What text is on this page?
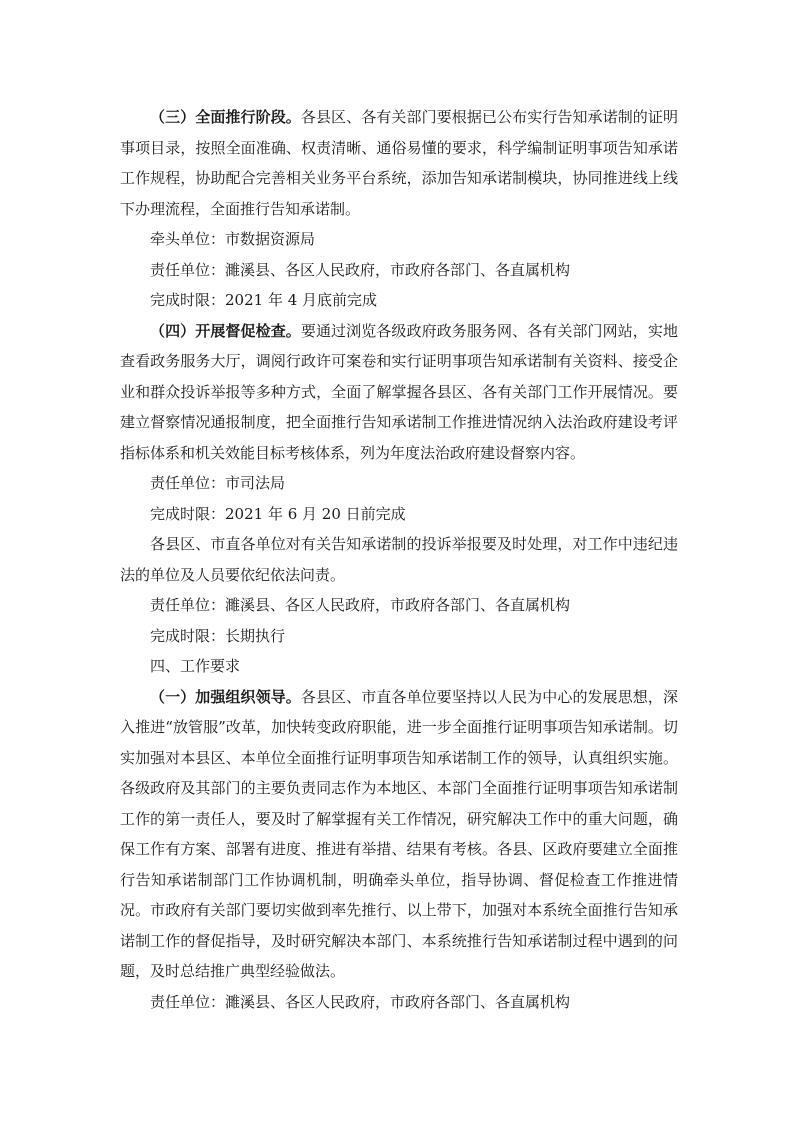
（三）全面推行阶段。各县区、各有关部门要根据已公布实行告知承诺制的证明事项目录，按照全面准确、权责清晰、通俗易懂的要求，科学编制证明事项告知承诺工作规程，协助配合完善相关业务平台系统，添加告知承诺制模块，协同推进线上线下办理流程，全面推行告知承诺制。

牵头单位：市数据资源局

责任单位：濉溪县、各区人民政府，市政府各部门、各直属机构

完成时限：2021 年 4 月底前完成

（四）开展督促检查。要通过浏览各级政府政务服务网、各有关部门网站，实地查看政务服务大厅，调阅行政许可案卷和实行证明事项告知承诺制有关资料、接受企业和群众投诉举报等多种方式，全面了解掌握各县区、各有关部门工作开展情况。要建立督察情况通报制度，把全面推行告知承诺制工作推进情况纳入法治政府建设考评指标体系和机关效能目标考核体系，列为年度法治政府建设督察内容。

责任单位：市司法局

完成时限：2021 年 6 月 20 日前完成

各县区、市直各单位对有关告知承诺制的投诉举报要及时处理，对工作中违纪违法的单位及人员要依纪依法问责。

责任单位：濉溪县、各区人民政府，市政府各部门、各直属机构

完成时限：长期执行

四、工作要求

（一）加强组织领导。各县区、市直各单位要坚持以人民为中心的发展思想，深入推进“放管服”改革，加快转变政府职能，进一步全面推行证明事项告知承诺制。切实加强对本县区、本单位全面推行证明事项告知承诺制工作的领导，认真组织实施。各级政府及其部门的主要负责同志作为本地区、本部门全面推行证明事项告知承诺制工作的第一责任人，要及时了解掌握有关工作情况，研究解决工作中的重大问题，确保工作有方案、部署有进度、推进有举措、结果有考核。各县、区政府要建立全面推行告知承诺制部门工作协调机制，明确牵头单位，指导协调、督促检查工作推进情况。市政府有关部门要切实做到率先推行、以上带下，加强对本系统全面推行告知承诺制工作的督促指导，及时研究解决本部门、本系统推行告知承诺制过程中遇到的问题，及时总结推广典型经验做法。

责任单位：濉溪县、各区人民政府，市政府各部门、各直属机构
